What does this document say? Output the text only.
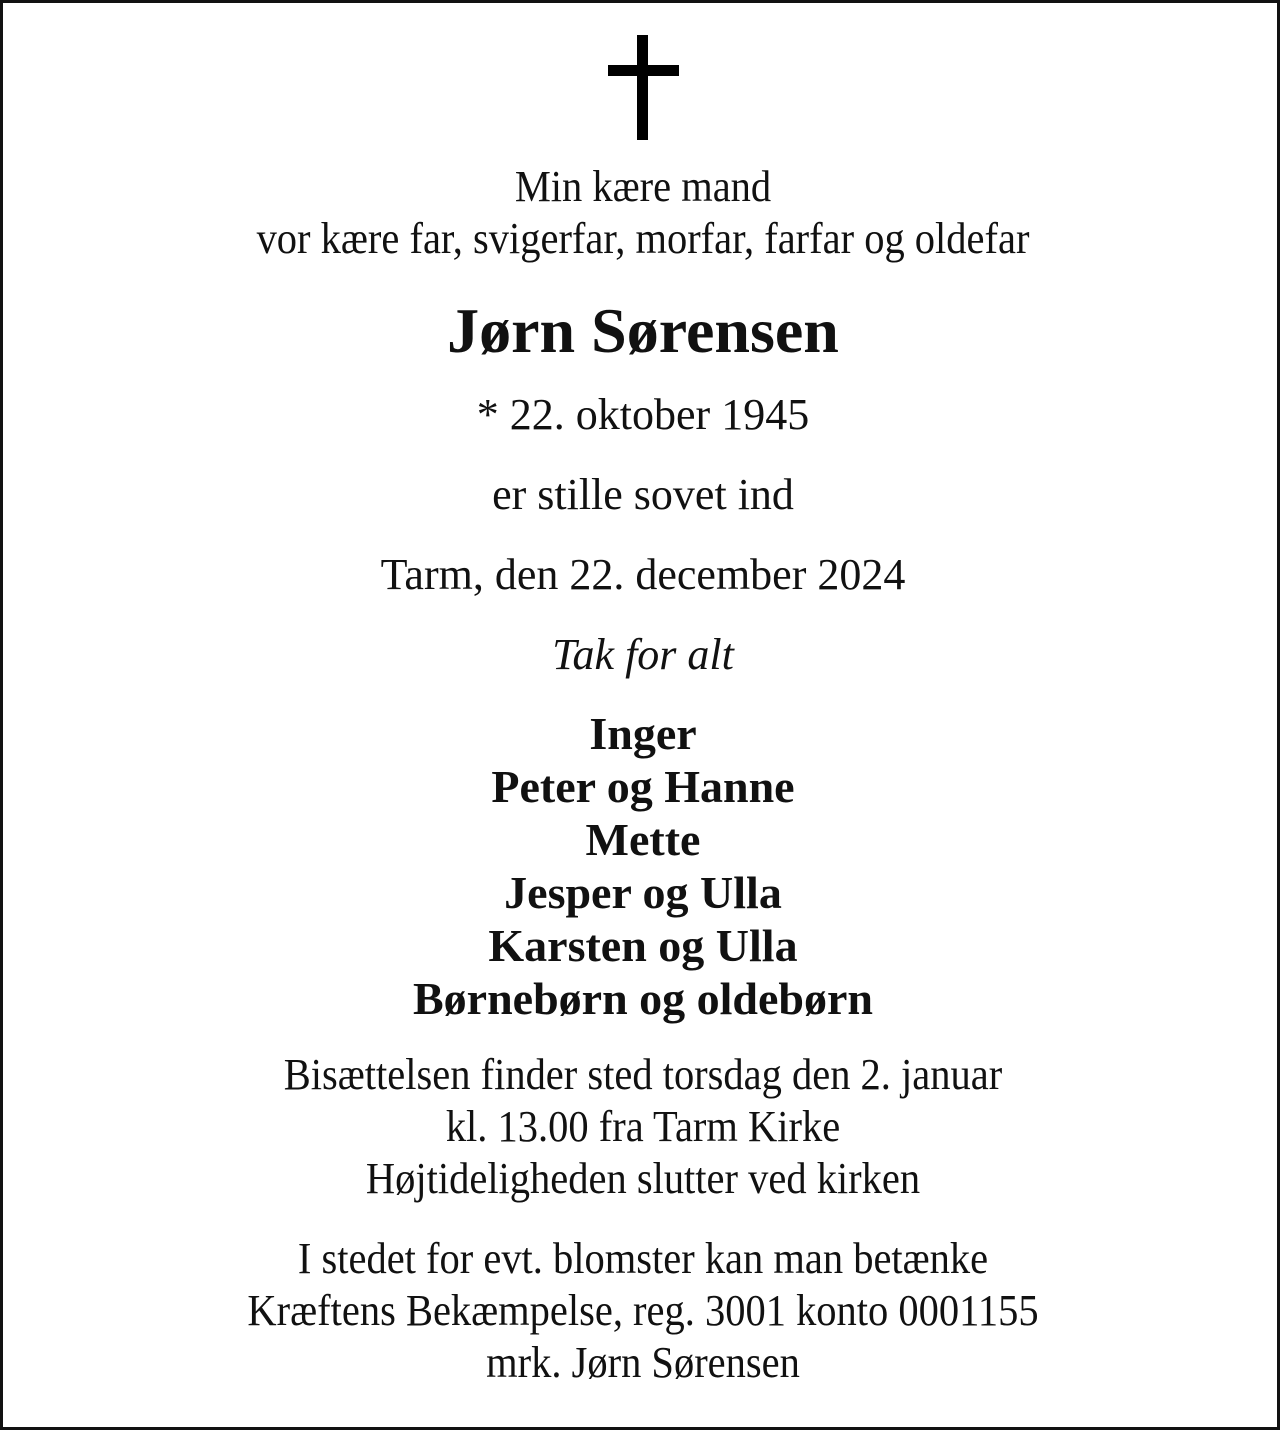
Min kære mand
vor kære far, svigerfar, morfar, farfar og oldefar
Jørn Sørensen
* 22. oktober 1945
er stille sovet ind
Tarm, den 22. december 2024
Tak for alt
Inger
Peter og Hanne
Mette
Jesper og Ulla
Karsten og Ulla
Børnebørn og oldebørn
Bisættelsen finder sted torsdag den 2. januar
kl. 13.00 fra Tarm Kirke
Højtideligheden slutter ved kirken
I stedet for evt. blomster kan man betænke
Kræftens Bekæmpelse, reg. 3001 konto 0001155
mrk. Jørn Sørensen
